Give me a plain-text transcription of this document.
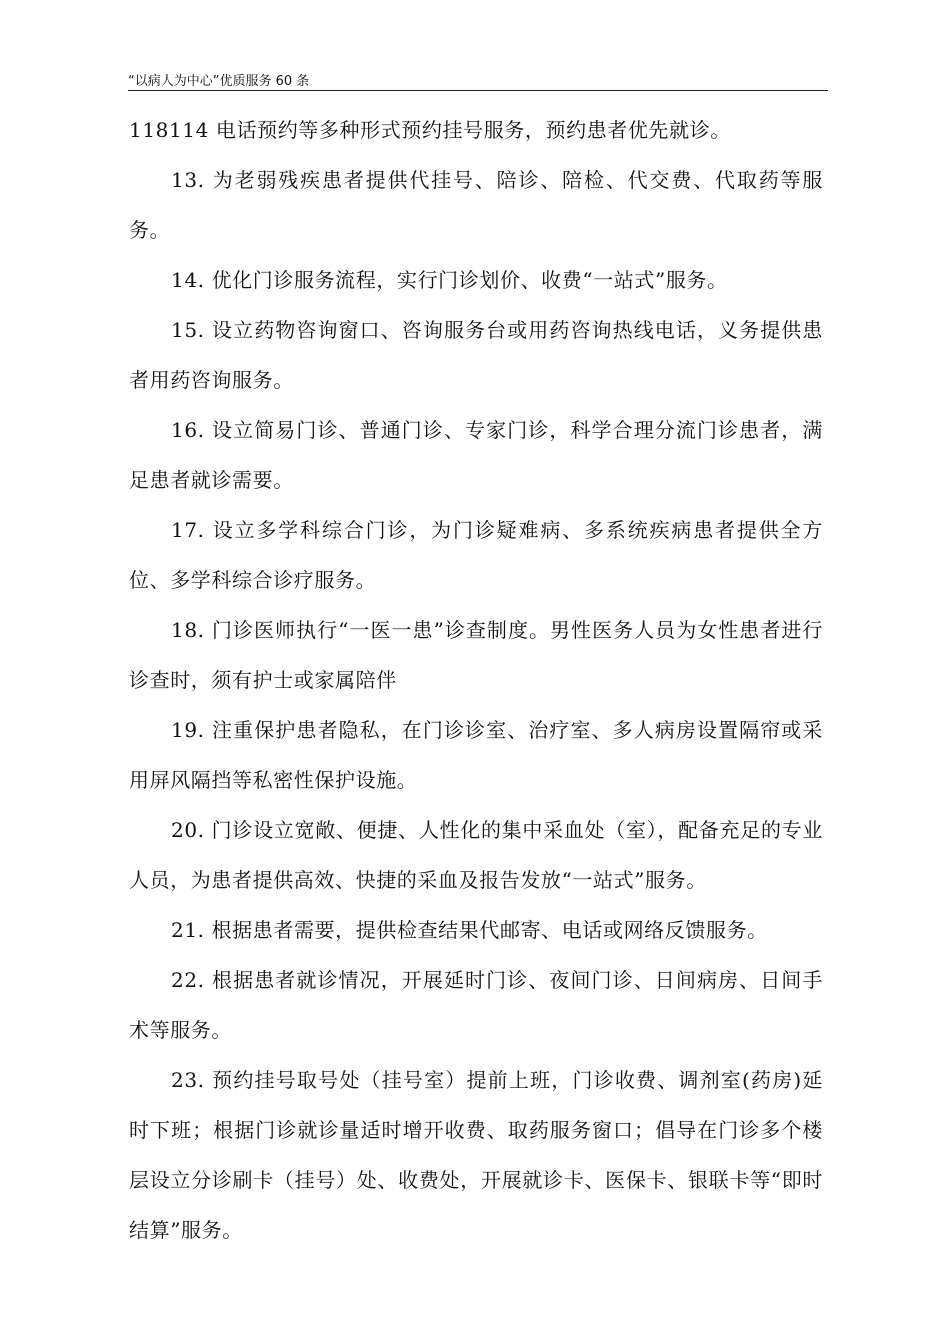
“以病人为中心”优质服务 60 条

118114 电话预约等多种形式预约挂号服务，预约患者优先就诊。

13. 为老弱残疾患者提供代挂号、陪诊、陪检、代交费、代取药等服务。

14. 优化门诊服务流程，实行门诊划价、收费“一站式”服务。

15. 设立药物咨询窗口、咨询服务台或用药咨询热线电话，义务提供患者用药咨询服务。

16. 设立简易门诊、普通门诊、专家门诊，科学合理分流门诊患者，满足患者就诊需要。

17. 设立多学科综合门诊，为门诊疑难病、多系统疾病患者提供全方位、多学科综合诊疗服务。

18. 门诊医师执行“一医一患”诊查制度。男性医务人员为女性患者进行诊查时，须有护士或家属陪伴

19. 注重保护患者隐私，在门诊诊室、治疗室、多人病房设置隔帘或采用屏风隔挡等私密性保护设施。

20. 门诊设立宽敞、便捷、人性化的集中采血处（室），配备充足的专业人员，为患者提供高效、快捷的采血及报告发放“一站式”服务。

21. 根据患者需要，提供检查结果代邮寄、电话或网络反馈服务。

22. 根据患者就诊情况，开展延时门诊、夜间门诊、日间病房、日间手术等服务。

23. 预约挂号取号处（挂号室）提前上班，门诊收费、调剂室(药房)延时下班；根据门诊就诊量适时增开收费、取药服务窗口；倡导在门诊多个楼层设立分诊刷卡（挂号）处、收费处，开展就诊卡、医保卡、银联卡等“即时结算”服务。
